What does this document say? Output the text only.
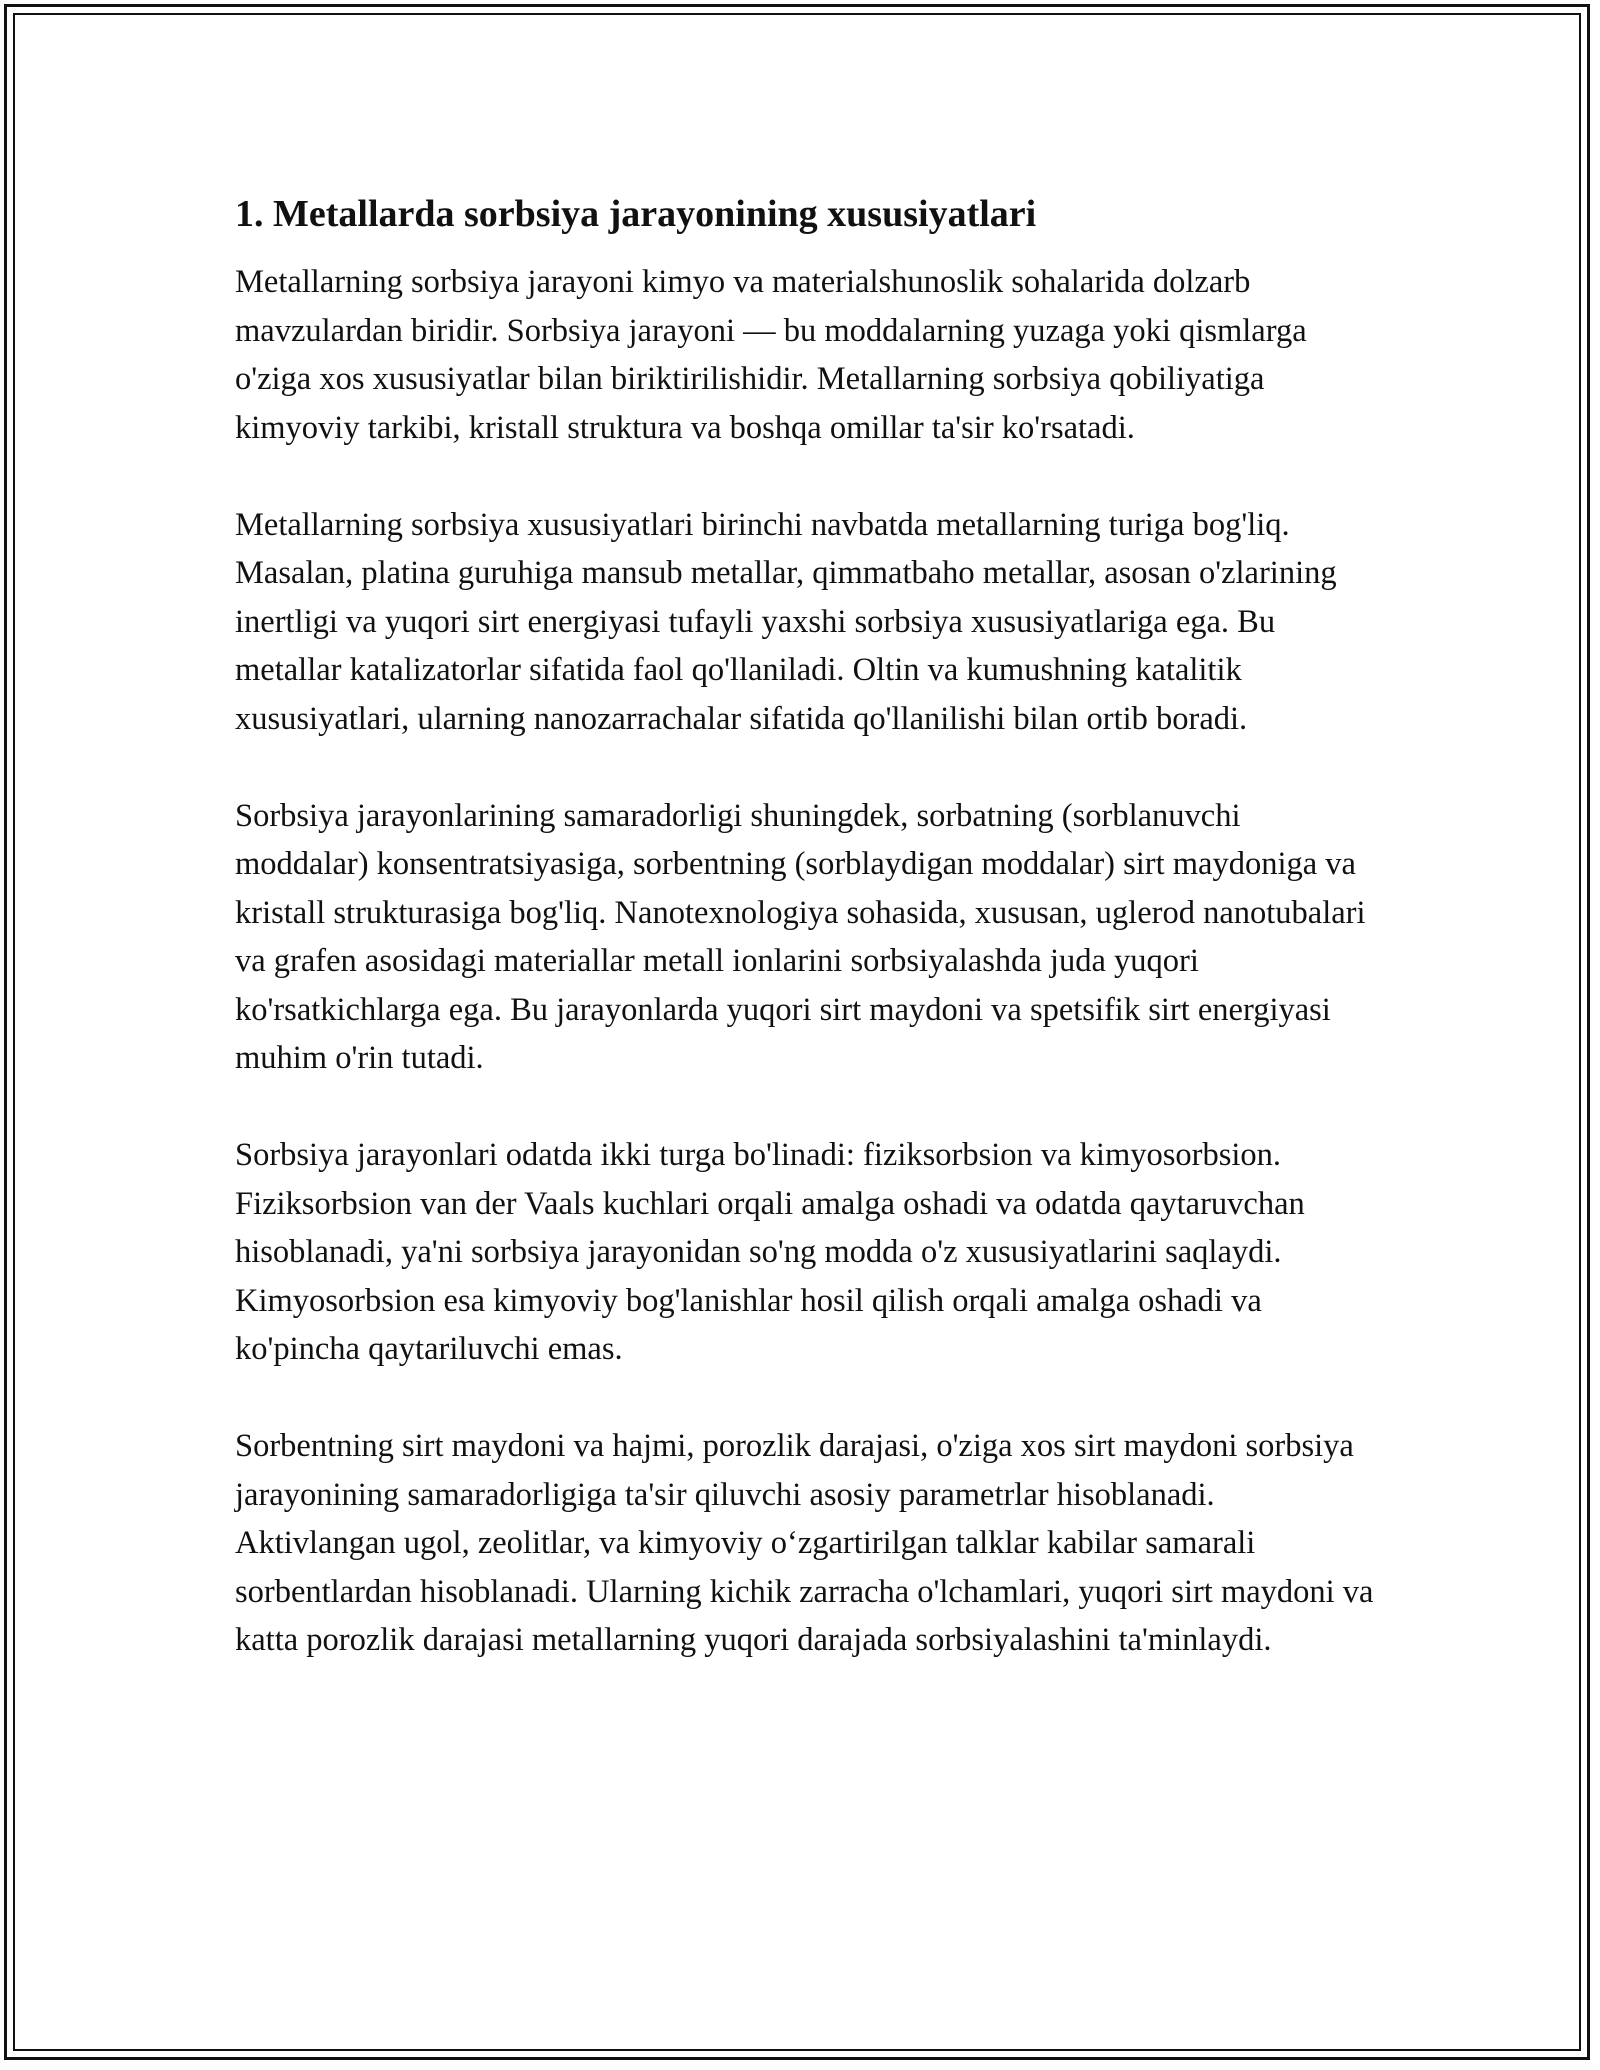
1. Metallarda sorbsiya jarayonining xususiyatlari

Metallarning sorbsiya jarayoni kimyo va materialshunoslik sohalarida dolzarb mavzulardan biridir. Sorbsiya jarayoni — bu moddalarning yuzaga yoki qismlarga o'ziga xos xususiyatlar bilan biriktirilishidir. Metallarning sorbsiya qobiliyatiga kimyoviy tarkibi, kristall struktura va boshqa omillar ta'sir ko'rsatadi.

Metallarning sorbsiya xususiyatlari birinchi navbatda metallarning turiga bog'liq. Masalan, platina guruhiga mansub metallar, qimmatbaho metallar, asosan o'zlarining inertligi va yuqori sirt energiyasi tufayli yaxshi sorbsiya xususiyatlariga ega. Bu metallar katalizatorlar sifatida faol qo'llaniladi. Oltin va kumushning katalitik xususiyatlari, ularning nanozarrachalar sifatida qo'llanilishi bilan ortib boradi.

Sorbsiya jarayonlarining samaradorligi shuningdek, sorbatning (sorblanuvchi moddalar) konsentratsiyasiga, sorbentning (sorblaydigan moddalar) sirt maydoniga va kristall strukturasiga bog'liq. Nanotexnologiya sohasida, xususan, uglerod nanotubalari va grafen asosidagi materiallar metall ionlarini sorbsiyalashda juda yuqori ko'rsatkichlarga ega. Bu jarayonlarda yuqori sirt maydoni va spetsifik sirt energiyasi muhim o'rin tutadi.

Sorbsiya jarayonlari odatda ikki turga bo'linadi: fiziksorbsion va kimyosorbsion. Fiziksorbsion van der Vaals kuchlari orqali amalga oshadi va odatda qaytaruvchan hisoblanadi, ya'ni sorbsiya jarayonidan so'ng modda o'z xususiyatlarini saqlaydi. Kimyosorbsion esa kimyoviy bog'lanishlar hosil qilish orqali amalga oshadi va ko'pincha qaytariluvchi emas.

Sorbentning sirt maydoni va hajmi, porozlik darajasi, o'ziga xos sirt maydoni sorbsiya jarayonining samaradorligiga ta'sir qiluvchi asosiy parametrlar hisoblanadi. Aktivlangan ugol, zeolitlar, va kimyoviy oʻzgartirilgan talklar kabilar samarali sorbentlardan hisoblanadi. Ularning kichik zarracha o'lchamlari, yuqori sirt maydoni va katta porozlik darajasi metallarning yuqori darajada sorbsiyalashini ta'minlaydi.
